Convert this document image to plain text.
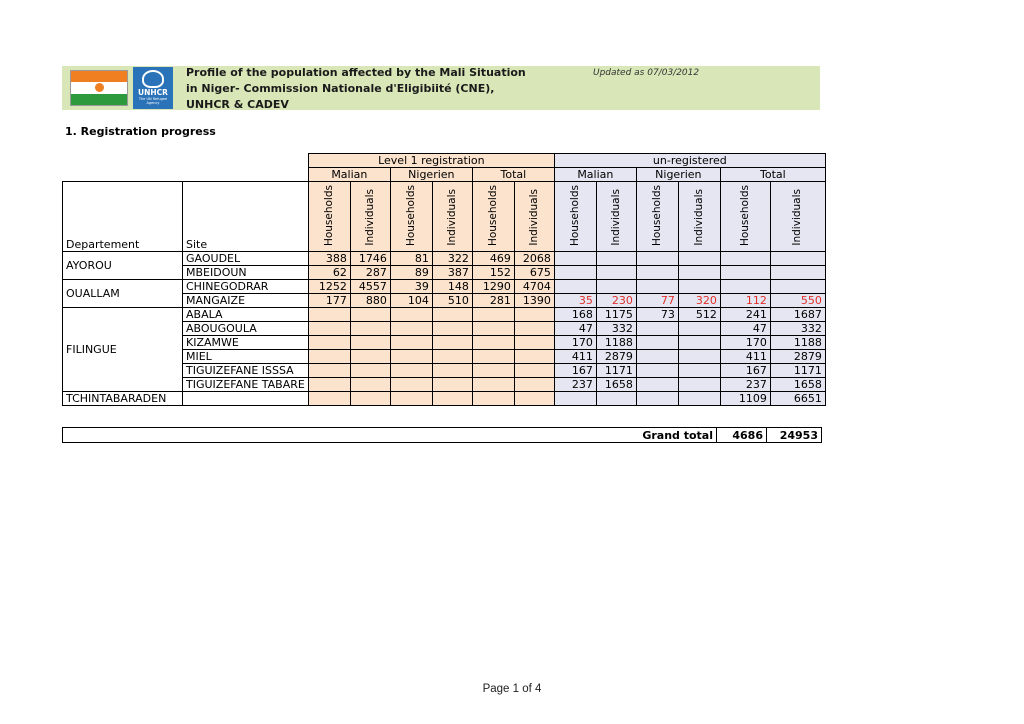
UNHCR
The UN Refugee Agency
Profile of the population affected by the Mali Situation
in Niger- Commission Nationale d'Eligibiité (CNE),
UNHCR & CADEV
Updated as 07/03/2012
1. Registration progress
		Level 1 registration						un-registered					
		Malian		Nigerien		Total		Malian		Nigerien		Total	
Departement	Site	Households	Individuals	Households	Individuals	Households	Individuals	Households	Individuals	Households	Individuals	Households	Individuals
AYOROU	GAOUDEL	388	1746	81	322	469	2068						
	MBEIDOUN	62	287	89	387	152	675						
OUALLAM	CHINEGODRAR	1252	4557	39	148	1290	4704						
	MANGAIZE	177	880	104	510	281	1390	35	230	77	320	112	550
FILINGUE	ABALA							168	1175	73	512	241	1687
	ABOUGOULA							47	332			47	332
	KIZAMWE							170	1188			170	1188
	MIEL							411	2879			411	2879
	TIGUIZEFANE ISSSA							167	1171			167	1171
	TIGUIZEFANE TABARE							237	1658			237	1658
TCHINTABARADEN												1109	6651
Grand total	4686	24953
Page 1 of 4
